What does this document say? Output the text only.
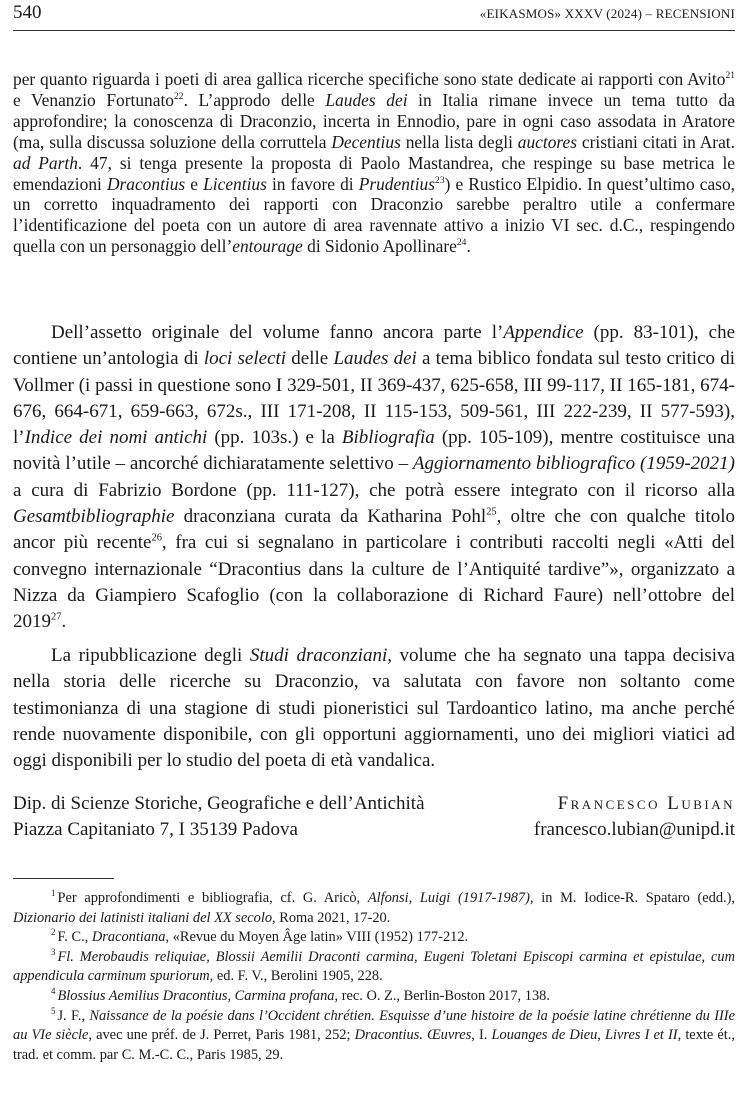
540	«EIKASMOS» XXXV (2024) – RECENSIONI

per quanto riguarda i poeti di area gallica ricerche specifiche sono state dedicate ai rapporti con Avito$^{21}$ e Venanzio Fortunato$^{22}$. L’approdo delle Laudes dei in Italia rimane invece un tema tutto da approfondire; la conoscenza di Draconzio, incerta in Ennodio, pare in ogni caso assodata in Aratore (ma, sulla discussa soluzione della corruttela Decentius nella lista degli auctores cristiani citati in Arat. ad Parth. 47, si tenga presente la proposta di Paolo Mastandrea, che respinge su base metrica le emendazioni Dracontius e Licentius in favore di Prudentius$^{23}$) e Rustico Elpidio. In quest’ultimo caso, un corretto inquadramento dei rapporti con Draconzio sarebbe peraltro utile a confermare l’identificazione del poeta con un autore di area ravennate attivo a inizio VI sec. d.C., respingendo quella con un personaggio dell’entourage di Sidonio Apollinare$^{24}$.

Dell’assetto originale del volume fanno ancora parte l’Appendice (pp. 83-101), che contiene un’antologia di loci selecti delle Laudes dei a tema biblico fondata sul testo critico di Vollmer (i passi in questione sono I 329-501, II 369-437, 625-658, III 99-117, II 165-181, 674-676, 664-671, 659-663, 672s., III 171-208, II 115-153, 509-561, III 222-239, II 577-593), l’Indice dei nomi antichi (pp. 103s.) e la Bibliografia (pp. 105-109), mentre costituisce una novità l’utile – ancorché dichiaratamente selettivo – Aggiornamento bibliografico (1959-2021) a cura di Fabrizio Bordone (pp. 111-127), che potrà essere integrato con il ricorso alla Gesamtbibliographie draconziana curata da Katharina Pohl$^{25}$, oltre che con qualche titolo ancor più recente$^{26}$, fra cui si segnalano in particolare i contributi raccolti negli «Atti del convegno internazionale “Dracontius dans la culture de l’Antiquité tardive”», organizzato a Nizza da Giampiero Scafoglio (con la collaborazione di Richard Faure) nell’ottobre del 2019$^{27}$.

La ripubblicazione degli Studi draconziani, volume che ha segnato una tappa decisiva nella storia delle ricerche su Draconzio, va salutata con favore non soltanto come testimonianza di una stagione di studi pioneristici sul Tardoantico latino, ma anche perché rende nuovamente disponibile, con gli opportuni aggiornamenti, uno dei migliori viatici ad oggi disponibili per lo studio del poeta di età vandalica.

Dip. di Scienze Storiche, Geografiche e dell’Antichità
Piazza Capitaniato 7, I 35139 Padova
Francesco Lubian
francesco.lubian@unipd.it

$^1$ Per approfondimenti e bibliografia, cf. G. Aricò, Alfonsi, Luigi (1917-1987), in M. Iodice-R. Spataro (edd.), Dizionario dei latinisti italiani del XX secolo, Roma 2021, 17-20.

$^2$ F. C., Dracontiana, «Revue du Moyen Âge latin» VIII (1952) 177-212.

$^3$ Fl. Merobaudis reliquiae, Blossii Aemilii Draconti carmina, Eugeni Toletani Episcopi carmina et epistulae, cum appendicula carminum spuriorum, ed. F. V., Berolini 1905, 228.

$^4$ Blossius Aemilius Dracontius, Carmina profana, rec. O. Z., Berlin-Boston 2017, 138.

$^5$ J. F., Naissance de la poésie dans l’Occident chrétien. Esquisse d’une histoire de la poésie latine chrétienne du IIIe au VIe siècle, avec une préf. de J. Perret, Paris 1981, 252; Dracontius. Œuvres, I. Louanges de Dieu, Livres I et II, texte ét., trad. et comm. par C. M.-C. C., Paris 1985, 29.
